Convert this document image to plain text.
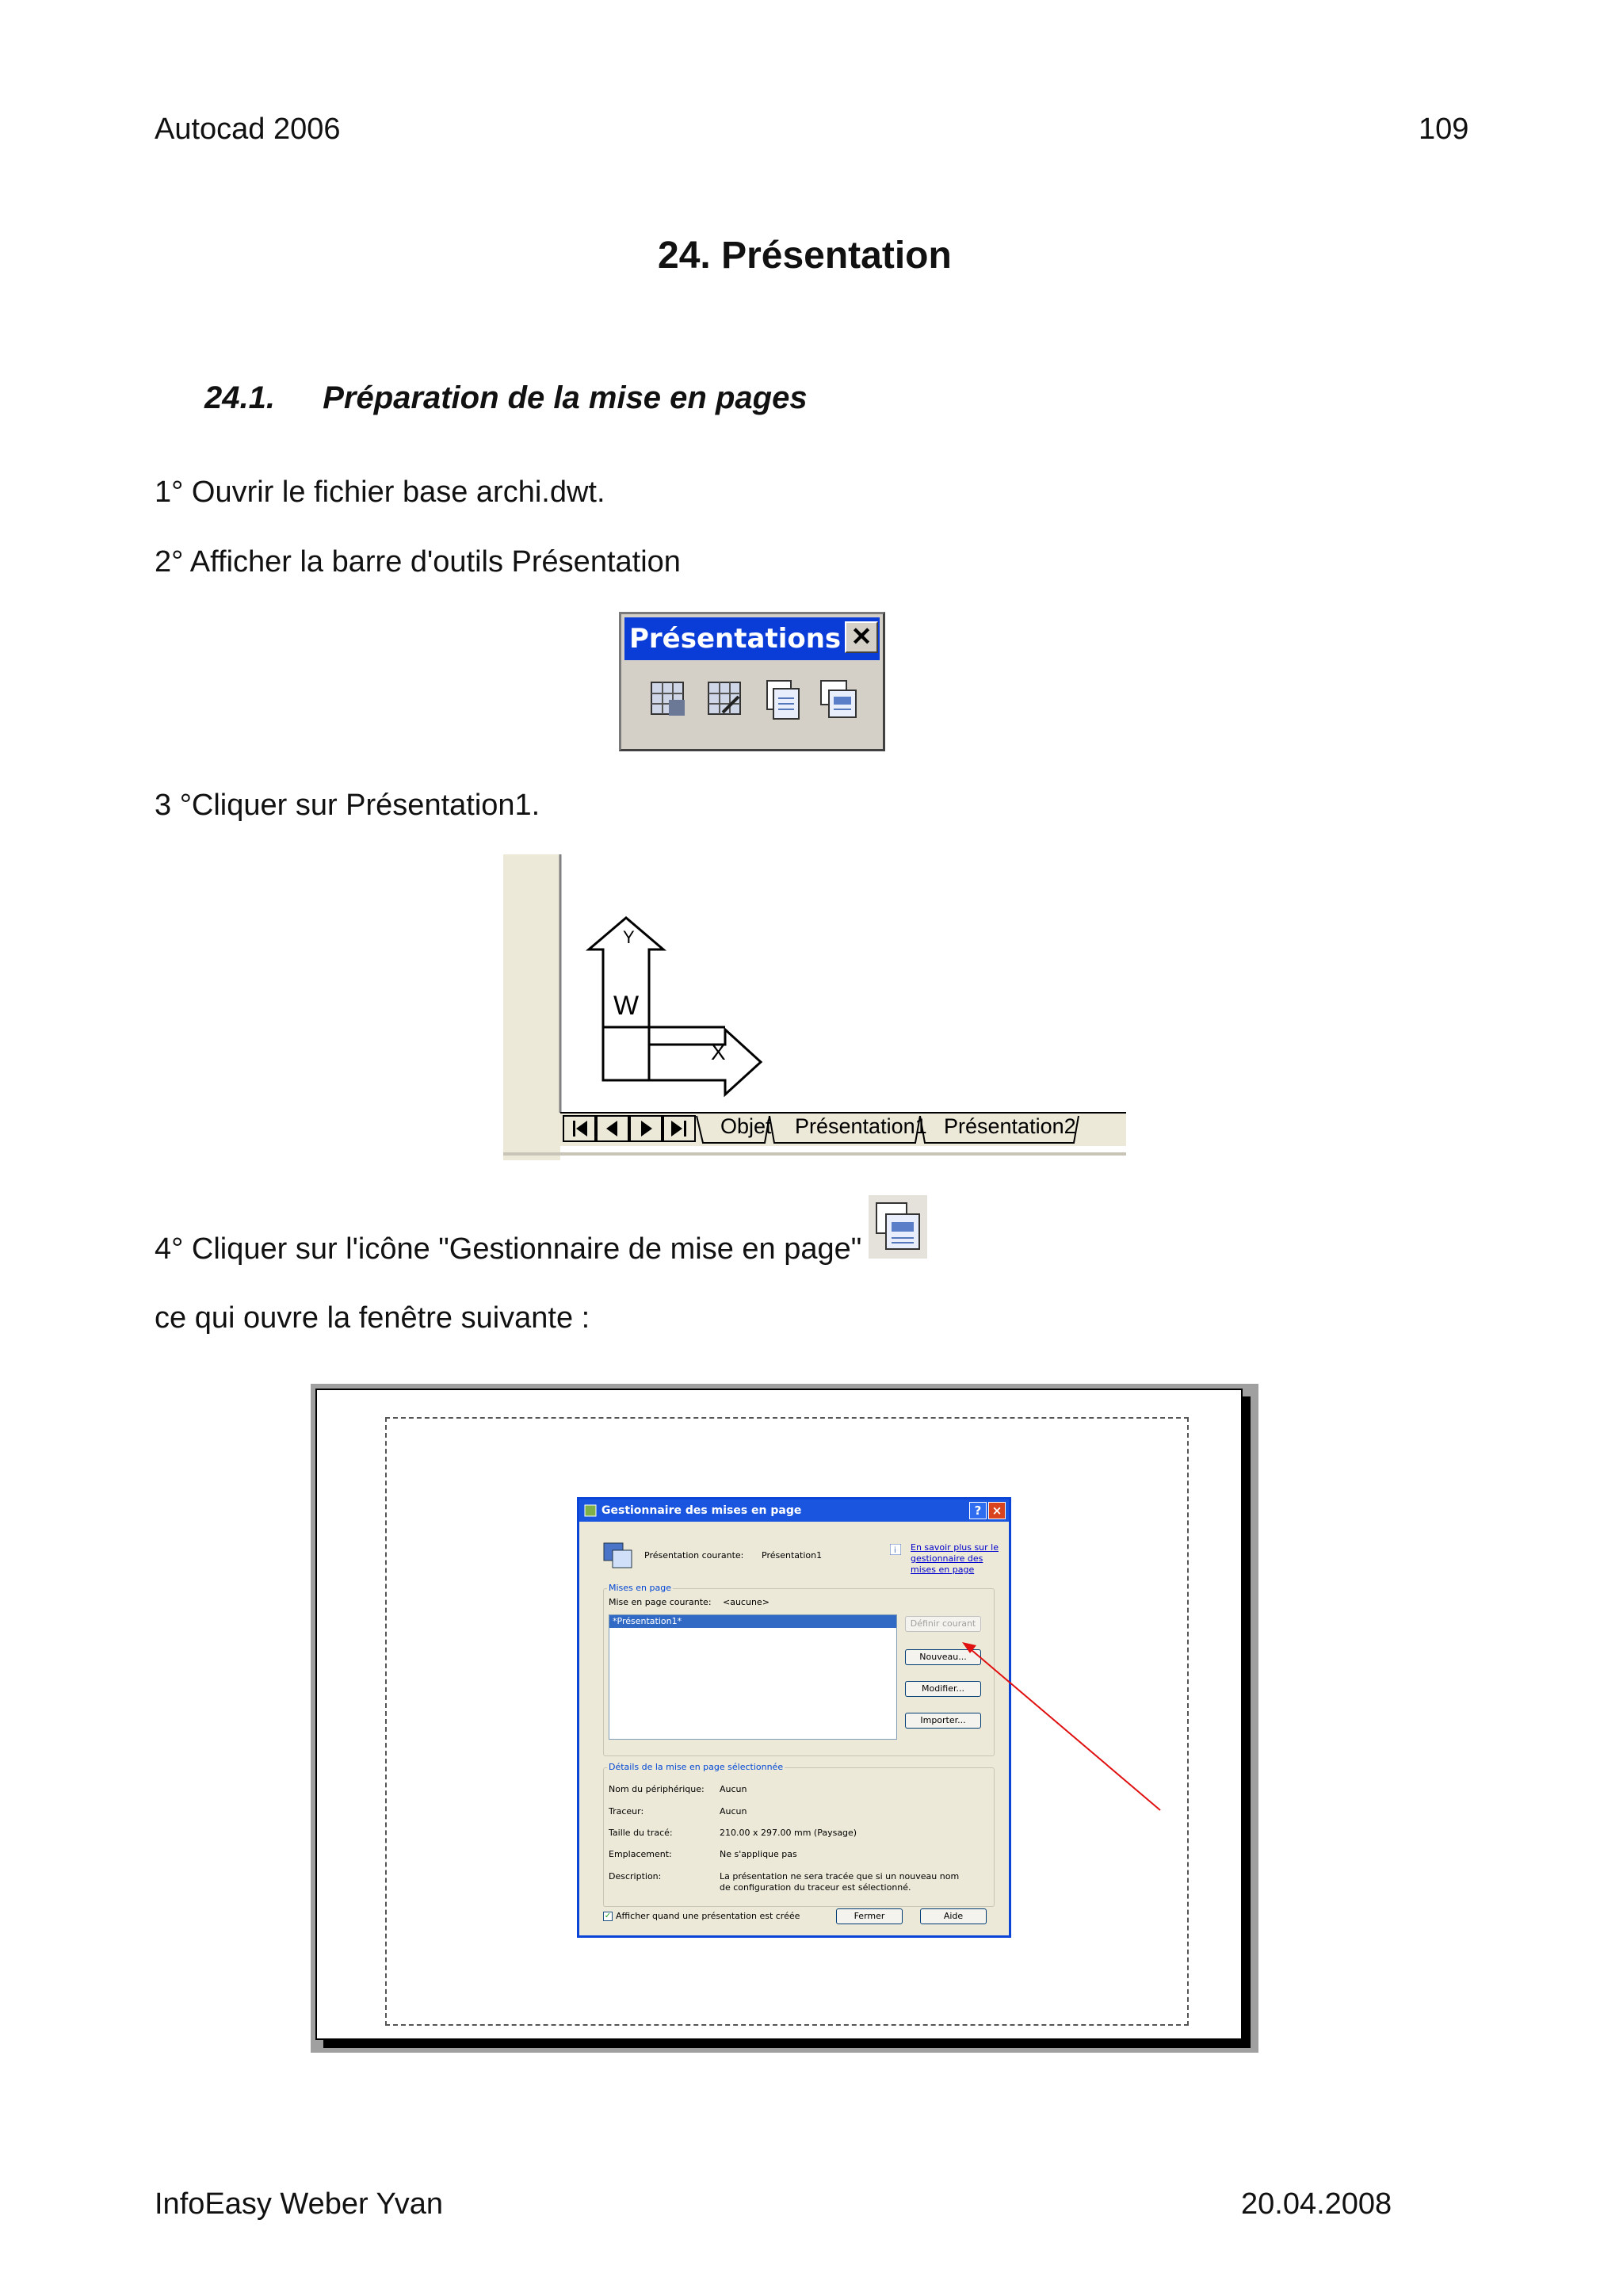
Autocad 2006	109
24. Présentation
24.1. Préparation de la mise en pages
1° Ouvrir le fichier base archi.dwt.
2° Afficher la barre d'outils Présentation
Présentations ✕
3 °Cliquer sur Présentation1.
Y
W
X
Objet Présentation1 Présentation2
4° Cliquer sur l'icône "Gestionnaire de mise en page"
ce qui ouvre la fenêtre suivante :
Gestionnaire des mises en page	? ×
Présentation courante: Présentation1	i En savoir plus sur le
gestionnaire des
mises en page
Mises en page
Mise en page courante: <aucune>
*Présentation1*	Définir courant
Nouveau...
Modifier...
Importer...
Détails de la mise en page sélectionnée
Nom du périphérique: Aucun
Traceur:	Aucun
Taille du tracé:	210.00 x 297.00 mm (Paysage)
Emplacement:	Ne s'applique pas
Description:	La présentation ne sera tracée que si un nouveau nom
de configuration du traceur est sélectionné.
✓ Afficher quand une présentation est créée	Fermer	Aide
InfoEasy Weber Yvan	20.04.2008
